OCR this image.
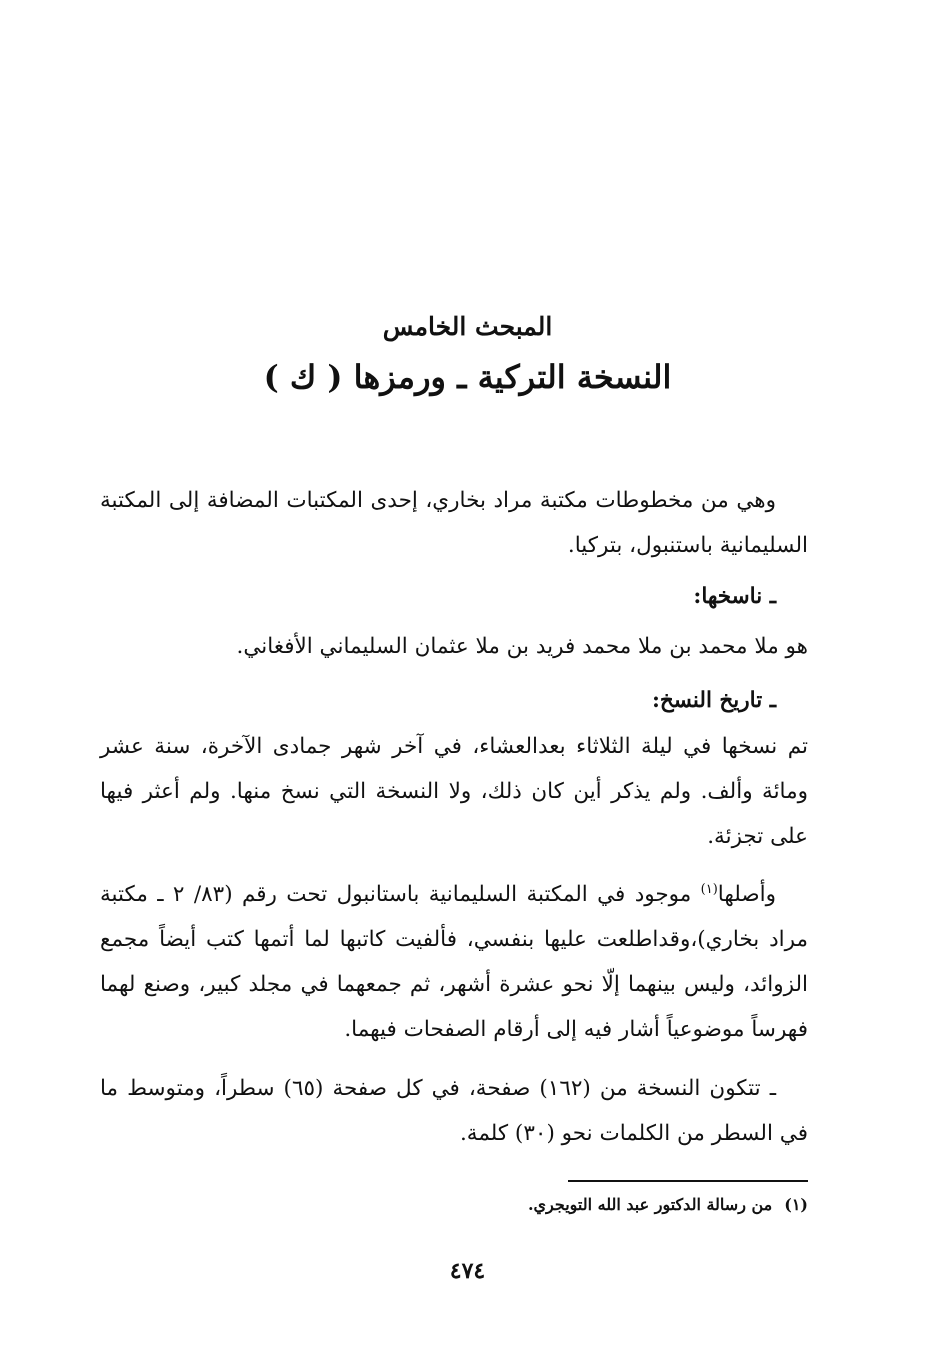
المبحث الخامس
النسخة التركية ـ ورمزها ( ك )

وهي من مخطوطات مكتبة مراد بخاري، إحدى المكتبات المضافة إلى المكتبة السليمانية باستنبول، بتركيا.

ـ ناسخها:

هو ملا محمد بن ملا محمد فريد بن ملا عثمان السليماني الأفغاني.

ـ تاريخ النسخ:

تم نسخها في ليلة الثلاثاء بعدالعشاء، في آخر شهر جمادى الآخرة، سنة عشر ومائة وألف. ولم يذكر أين كان ذلك، ولا النسخة التي نسخ منها. ولم أعثر فيها على تجزئة.

وأصلها$^{(١)}$ موجود في المكتبة السليمانية باستانبول تحت رقم (٨٣/ ٢ ـ مكتبة مراد بخاري)،وقداطلعت عليها بنفسي، فألفيت كاتبها لما أتمها كتب أيضاً مجمع الزوائد، وليس بينهما إلّا نحو عشرة أشهر، ثم جمعهما في مجلد كبير، وصنع لهما فهرساً موضوعياً أشار فيه إلى أرقام الصفحات فيهما.

ـ تتكون النسخة من (١٦٢) صفحة، في كل صفحة (٦٥) سطراً، ومتوسط ما في السطر من الكلمات نحو (٣٠) كلمة.

(١)من رسالة الدكتور عبد الله التويجري.
٤٧٤
